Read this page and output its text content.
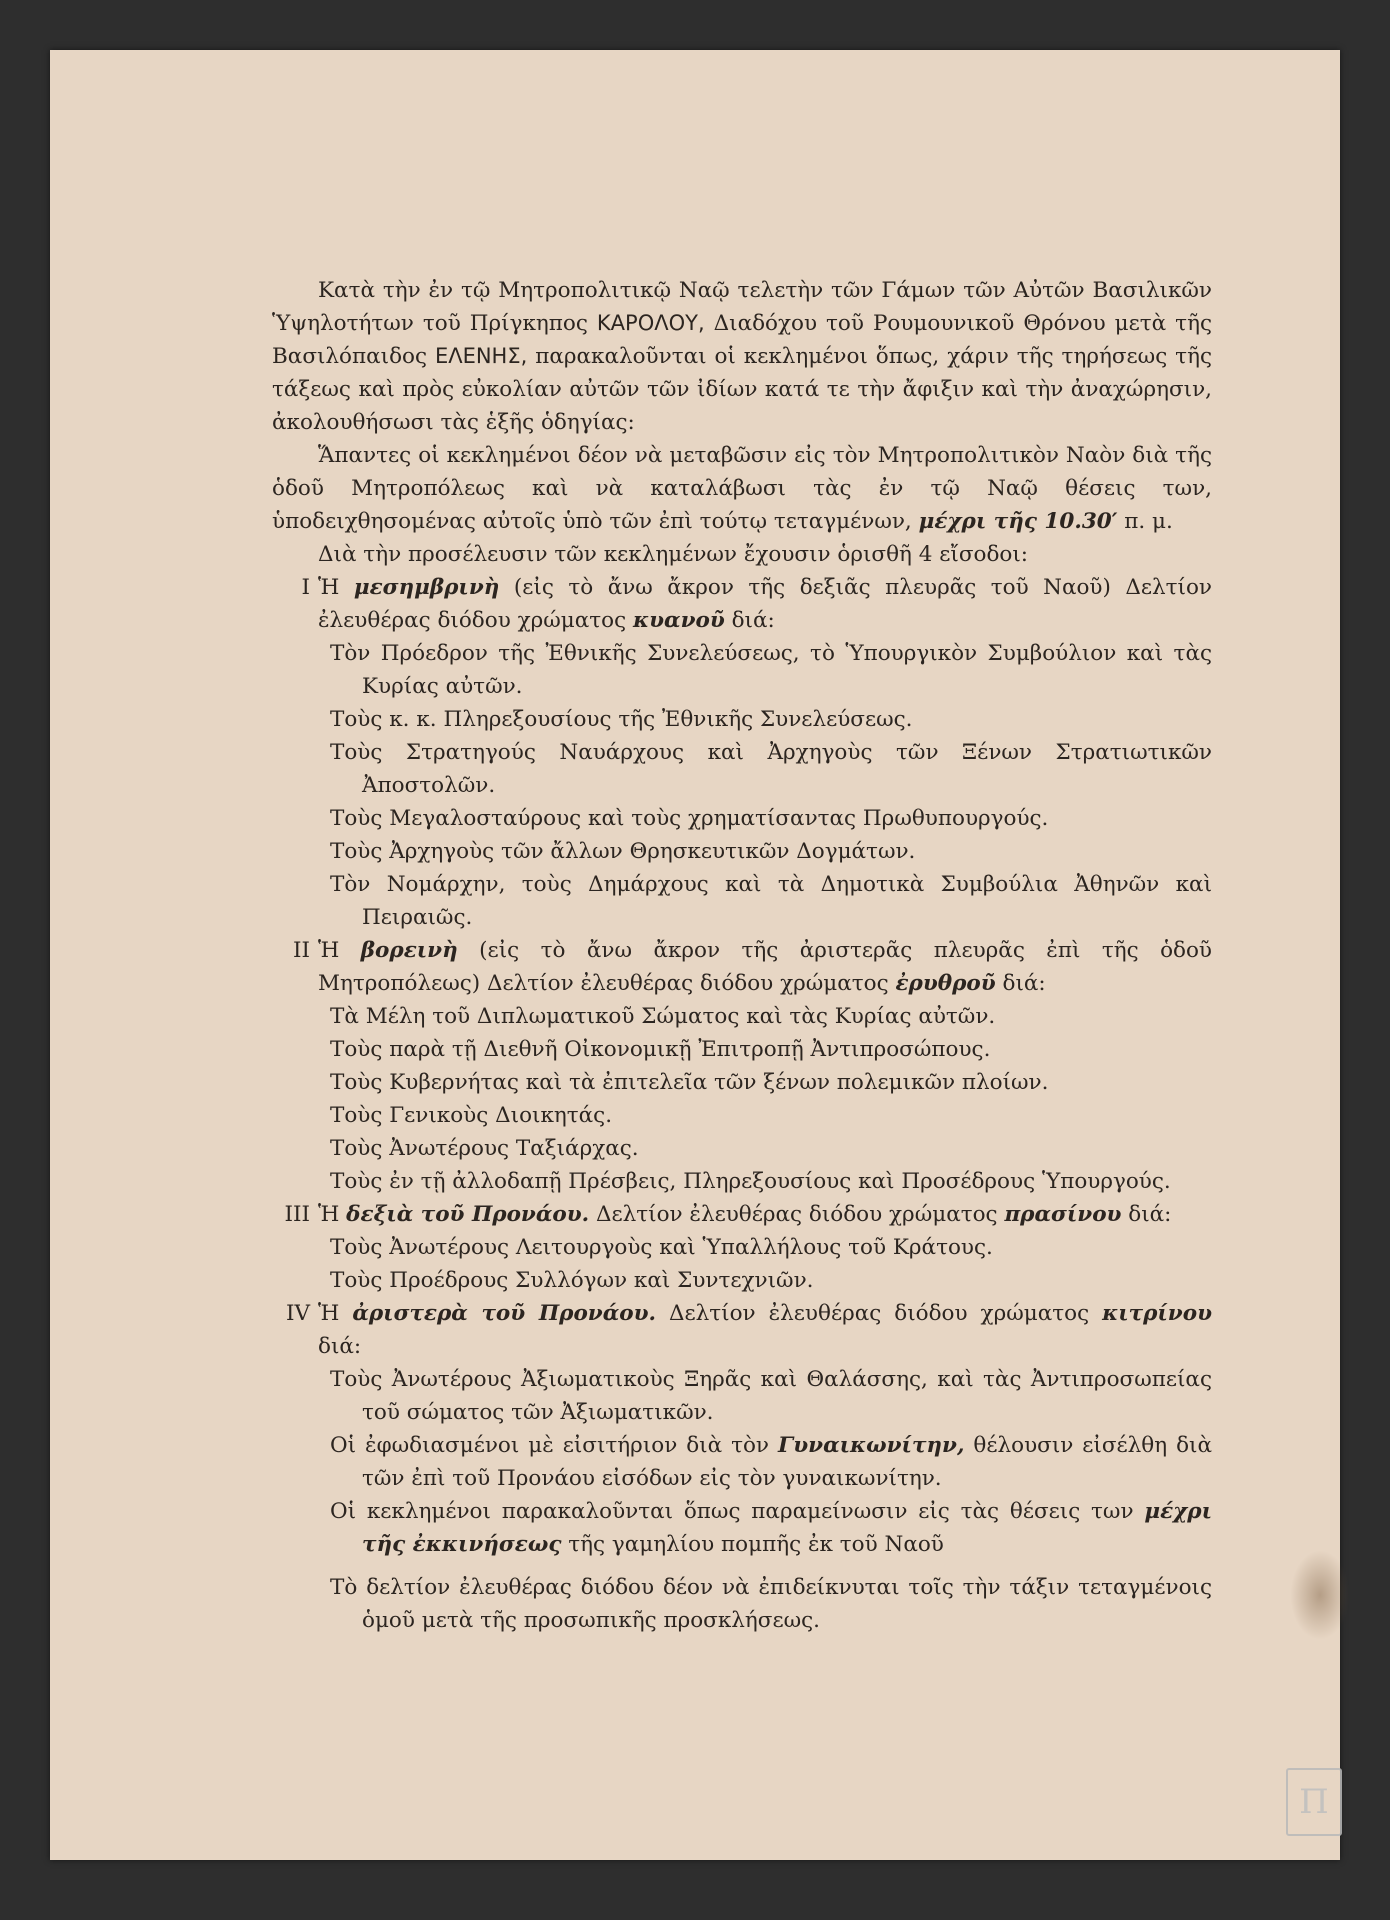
Κατὰ τὴν ἐν τῷ Μητροπολιτικῷ Ναῷ τελετὴν τῶν Γάμων τῶν Αὐτῶν Βασιλικῶν Ὑψηλοτήτων τοῦ Πρίγκηπος ΚΑΡΟΛΟΥ, Διαδόχου τοῦ Ρουμουνικοῦ Θρόνου μετὰ τῆς Βασιλόπαιδος ΕΛΕΝΗΣ, παρακαλοῦνται οἱ κεκλημένοι ὅπως, χάριν τῆς τηρήσεως τῆς τάξεως καὶ πρὸς εὐκολίαν αὐτῶν τῶν ἰδίων κατά τε τὴν ἄφιξιν καὶ τὴν ἀναχώρησιν, ἀκολουθήσωσι τὰς ἑξῆς ὁδηγίας:

Ἅπαντες οἱ κεκλημένοι δέον νὰ μεταβῶσιν εἰς τὸν Μητροπολιτικὸν Ναὸν διὰ τῆς ὁδοῦ Μητροπόλεως καὶ νὰ καταλάβωσι τὰς ἐν τῷ Ναῷ θέσεις των, ὑποδειχθησομένας αὐτοῖς ὑπὸ τῶν ἐπὶ τούτῳ τεταγμένων, μέχρι τῆς 10.30′ π. μ.

Διὰ τὴν προσέλευσιν τῶν κεκλημένων ἔχουσιν ὁρισθῆ 4 εἴσοδοι:

I Ἡ μεσημβρινὴ (εἰς τὸ ἄνω ἄκρον τῆς δεξιᾶς πλευρᾶς τοῦ Ναοῦ) Δελτίον ἐλευθέρας διόδου χρώματος κυανοῦ διά:

Τὸν Πρόεδρον τῆς Ἐθνικῆς Συνελεύσεως, τὸ Ὑπουργικὸν Συμβούλιον καὶ τὰς Κυρίας αὐτῶν.

Τοὺς κ. κ. Πληρεξουσίους τῆς Ἐθνικῆς Συνελεύσεως.

Τοὺς Στρατηγούς Ναυάρχους καὶ Ἀρχηγοὺς τῶν Ξένων Στρατιωτικῶν Ἀποστολῶν.

Τοὺς Μεγαλοσταύρους καὶ τοὺς χρηματίσαντας Πρωθυπουργούς.

Τοὺς Ἀρχηγοὺς τῶν ἄλλων Θρησκευτικῶν Δογμάτων.

Τὸν Νομάρχην, τοὺς Δημάρχους καὶ τὰ Δημοτικὰ Συμβούλια Ἀθηνῶν καὶ Πειραιῶς.

II Ἡ βορεινὴ (εἰς τὸ ἄνω ἄκρον τῆς ἀριστερᾶς πλευρᾶς ἐπὶ τῆς ὁδοῦ Μητροπόλεως) Δελτίον ἐλευθέρας διόδου χρώματος ἐρυθροῦ διά:

Τὰ Μέλη τοῦ Διπλωματικοῦ Σώματος καὶ τὰς Κυρίας αὐτῶν.

Τοὺς παρὰ τῇ Διεθνῆ Οἰκονομικῇ Ἐπιτροπῇ Ἀντιπροσώπους.

Τοὺς Κυβερνήτας καὶ τὰ ἐπιτελεῖα τῶν ξένων πολεμικῶν πλοίων.

Τοὺς Γενικοὺς Διοικητάς.

Τοὺς Ἀνωτέρους Ταξιάρχας.

Τοὺς ἐν τῇ ἀλλοδαπῇ Πρέσβεις, Πληρεξουσίους καὶ Προσέδρους Ὑπουργούς.

III Ἡ δεξιὰ τοῦ Προνάου. Δελτίον ἐλευθέρας διόδου χρώματος πρασίνου διά:

Τοὺς Ἀνωτέρους Λειτουργοὺς καὶ Ὑπαλλήλους τοῦ Κράτους.

Τοὺς Προέδρους Συλλόγων καὶ Συντεχνιῶν.

IV Ἡ ἀριστερὰ τοῦ Προνάου. Δελτίον ἐλευθέρας διόδου χρώματος κιτρίνου διά:

Τοὺς Ἀνωτέρους Ἀξιωματικοὺς Ξηρᾶς καὶ Θαλάσσης, καὶ τὰς Ἀντιπροσωπείας τοῦ σώματος τῶν Ἀξιωματικῶν.

Οἱ ἐφωδιασμένοι μὲ εἰσιτήριον διὰ τὸν Γυναικωνίτην, θέλουσιν εἰσέλθη διὰ τῶν ἐπὶ τοῦ Προνάου εἰσόδων εἰς τὸν γυναικωνίτην.

Οἱ κεκλημένοι παρακαλοῦνται ὅπως παραμείνωσιν εἰς τὰς θέσεις των μέχρι τῆς ἐκκινήσεως τῆς γαμηλίου πομπῆς ἐκ τοῦ Ναοῦ

Τὸ δελτίον ἐλευθέρας διόδου δέον νὰ ἐπιδείκνυται τοῖς τὴν τάξιν τεταγμένοις ὁμοῦ μετὰ τῆς προσωπικῆς προσκλήσεως.

Π
